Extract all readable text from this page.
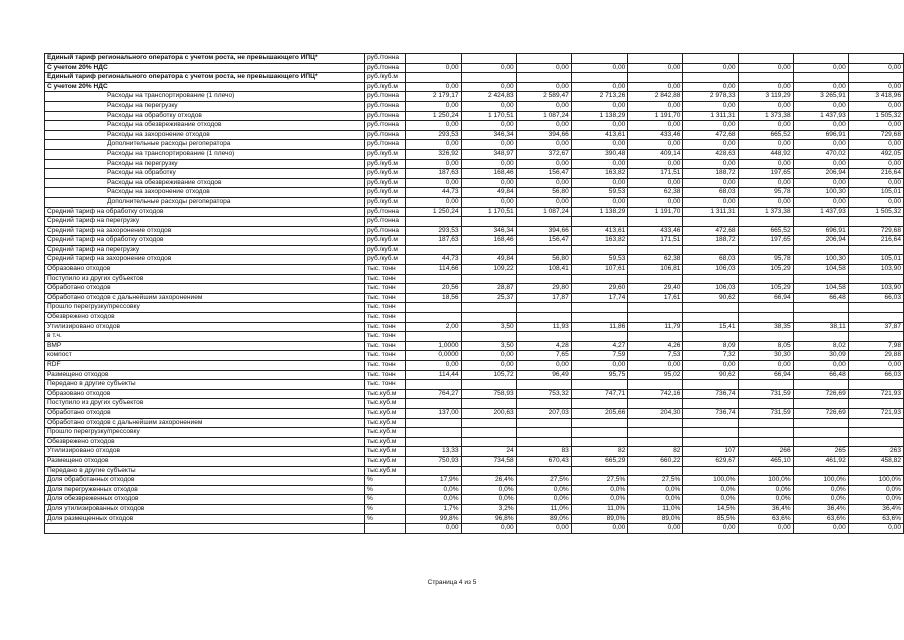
Единый тариф регионального оператора с учетом роста, не превышающего ИПЦ*	руб./тонна									
С учетом 20% НДС	руб./тонна	0,00	0,00	0,00	0,00	0,00	0,00	0,00	0,00	0,00
Единый тариф регионального оператора с учетом роста, не превышающего ИПЦ*	руб./куб.м									
С учетом 20% НДС	руб./куб.м	0,00	0,00	0,00	0,00	0,00	0,00	0,00	0,00	0,00
Расходы на транспортирование (1 плечо)	руб./тонна	2 179,17	2 424,83	2 589,47	2 713,26	2 842,88	2 978,33	3 119,29	3 265,91	3 418,96
Расходы на перегрузку	руб./тонна	0,00	0,00	0,00	0,00	0,00	0,00	0,00	0,00	0,00
Расходы на обработку отходов	руб./тонна	1 250,24	1 170,51	1 087,24	1 138,29	1 191,70	1 311,31	1 373,38	1 437,93	1 505,32
Расходы на обезвреживание отходов	руб./тонна	0,00	0,00	0,00	0,00	0,00	0,00	0,00	0,00	0,00
Расходы на захоронение отходов	руб./тонна	293,53	346,34	394,66	413,61	433,46	472,68	665,52	696,91	729,68
Дополнительные расходы регоператора	руб./тонна	0,00	0,00	0,00	0,00	0,00	0,00	0,00	0,00	0,00
Расходы на транспортирование (1 плечо)	руб./куб.м	326,92	348,97	372,67	390,48	409,14	428,63	448,92	470,02	492,05
Расходы на перегрузку	руб./куб.м	0,00	0,00	0,00	0,00	0,00	0,00	0,00	0,00	0,00
Расходы на обработку	руб./куб.м	187,63	168,46	156,47	163,82	171,51	188,72	197,65	206,94	216,64
Расходы на обезвреживание отходов	руб./куб.м	0,00	0,00	0,00	0,00	0,00	0,00	0,00	0,00	0,00
Расходы на захоронение отходов	руб./куб.м	44,73	49,84	56,80	59,53	62,38	68,03	95,78	100,30	105,01
Дополнительные расходы регоператора	руб./куб.м	0,00	0,00	0,00	0,00	0,00	0,00	0,00	0,00	0,00
Средний тариф на обработку отходов	руб./тонна	1 250,24	1 170,51	1 087,24	1 138,29	1 191,70	1 311,31	1 373,38	1 437,93	1 505,32
Средний тариф на перегрузку	руб./тонна									
Средний тариф на захоронение отходов	руб./тонна	293,53	346,34	394,66	413,61	433,46	472,68	665,52	696,91	729,68
Средний тариф на обработку отходов	руб./куб.м	187,63	168,46	156,47	163,82	171,51	188,72	197,65	206,94	216,64
Средний тариф на перегрузку	руб./куб.м									
Средний тариф на захоронение отходов	руб./куб.м	44,73	49,84	56,80	59,53	62,38	68,03	95,78	100,30	105,01
Образовано отходов	тыс. тонн	114,66	109,22	108,41	107,61	106,81	106,03	105,29	104,58	103,90
Поступило из других субъектов	тыс. тонн									
Обработано отходов	тыс. тонн	20,56	28,87	29,80	29,60	29,40	106,03	105,29	104,58	103,90
Обработано отходов с дальнейшим захоронением	тыс. тонн	18,56	25,37	17,87	17,74	17,61	90,62	66,94	66,48	66,03
Прошло перегрузку/прессовку	тыс. тонн									
Обезврежено отходов	тыс. тонн									
Утилизировано отходов	тыс. тонн	2,00	3,50	11,93	11,86	11,79	15,41	38,35	38,11	37,87
в т.ч.	тыс. тонн									
ВМР	тыс. тонн	1,0000	3,50	4,28	4,27	4,26	8,09	8,05	8,02	7,98
компост	тыс. тонн	0,0000	0,00	7,65	7,59	7,53	7,32	30,30	30,09	29,88
RDF	тыс. тонн	0,00	0,00	0,00	0,00	0,00	0,00	0,00	0,00	0,00
Размещено отходов	тыс. тонн	114,44	105,72	96,49	95,75	95,02	90,62	66,94	66,48	66,03
Передано в другие субъекты	тыс. тонн									
Образовано отходов	тыс.куб.м	764,27	758,93	753,32	747,71	742,16	736,74	731,59	726,69	721,93
Поступило из других субъектов	тыс.куб.м									
Обработано отходов	тыс.куб.м	137,00	200,63	207,03	205,66	204,30	736,74	731,59	726,69	721,93
Обработано отходов с дальнейшим захоронением	тыс.куб.м									
Прошло перегрузку/прессовку	тыс.куб.м									
Обезврежено отходов	тыс.куб.м									
Утилизировано отходов	тыс.куб.м	13,33	24	83	82	82	107	266	265	263
Размещено отходов	тыс.куб.м	750,93	734,58	670,43	665,29	660,22	629,67	465,10	461,92	458,82
Передано в другие субъекты	тыс.куб.м									
Доля обработанных отходов	%	17,9%	26,4%	27,5%	27,5%	27,5%	100,0%	100,0%	100,0%	100,0%
Доля перегруженных отходов	%	0,0%	0,0%	0,0%	0,0%	0,0%	0,0%	0,0%	0,0%	0,0%
Доля обезвреженных отходов	%	0,0%	0,0%	0,0%	0,0%	0,0%	0,0%	0,0%	0,0%	0,0%
Доля утилизированных отходов	%	1,7%	3,2%	11,0%	11,0%	11,0%	14,5%	36,4%	36,4%	36,4%
Доля размещенных отходов	%	99,8%	96,8%	89,0%	89,0%	89,0%	85,5%	63,6%	63,6%	63,6%
		0,00	0,00	0,00	0,00	0,00	0,00	0,00	0,00	0,00
Страница 4 из 5
